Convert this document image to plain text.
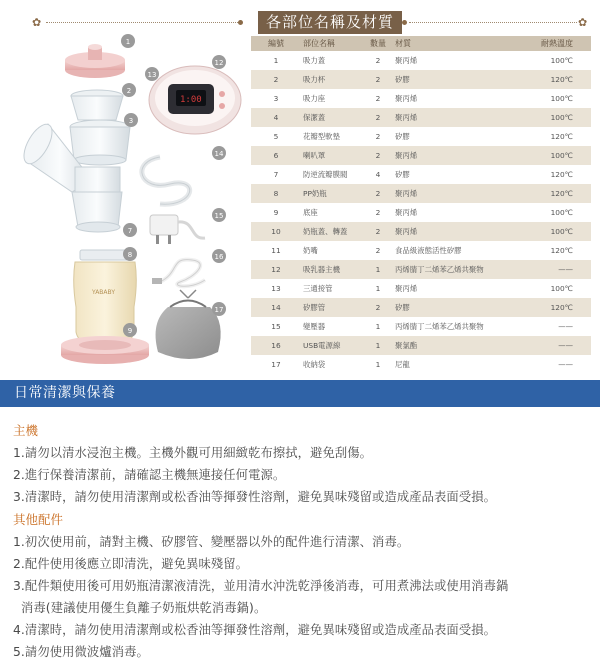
✿	✿
YABABY
1:00
1
2
3
7
8
9
12
13
14
15
16
17
各部位名稱及材質
編號	部位名稱	數量	材質	耐熱溫度
1	吸力蓋	2	聚丙烯	100℃
2	吸力杯	2	矽膠	120℃
3	吸力座	2	聚丙烯	100℃
4	保潔蓋	2	聚丙烯	100℃
5	花瓣型軟墊	2	矽膠	120℃
6	喇叭罩	2	聚丙烯	100℃
7	防逆流瓣膜閥	4	矽膠	120℃
8	PP奶瓶	2	聚丙烯	120℃
9	底座	2	聚丙烯	100℃
10	奶瓶蓋、轉蓋	2	聚丙烯	100℃
11	奶嘴	2	食品級液態活性矽膠	120℃
12	吸乳器主機	1	丙烯腈丁二烯苯乙烯共聚物	——
13	三通接管	1	聚丙烯	100℃
14	矽膠管	2	矽膠	120℃
15	變壓器	1	丙烯腈丁二烯苯乙烯共聚物	——
16	USB電源線	1	聚氯酯	——
17	收納袋	1	尼龍	——
日常清潔與保養
主機
1.請勿以清水浸泡主機。主機外觀可用細緻乾布擦拭，避免刮傷。
2.進行保養清潔前，請確認主機無連接任何電源。
3.清潔時，請勿使用清潔劑或松香油等揮發性溶劑，避免異味殘留或造成產品表面受損。
其他配件
1.初次使用前，請對主機、矽膠管、變壓器以外的配件進行清潔、消毒。
2.配件使用後應立即清洗，避免異味殘留。
3.配件類使用後可用奶瓶清潔液清洗，並用清水沖洗乾淨後消毒，可用煮沸法或使用消毒鍋
消毒(建議使用優生負離子奶瓶烘乾消毒鍋)。
4.清潔時，請勿使用清潔劑或松香油等揮發性溶劑，避免異味殘留或造成產品表面受損。
5.請勿使用微波爐消毒。
